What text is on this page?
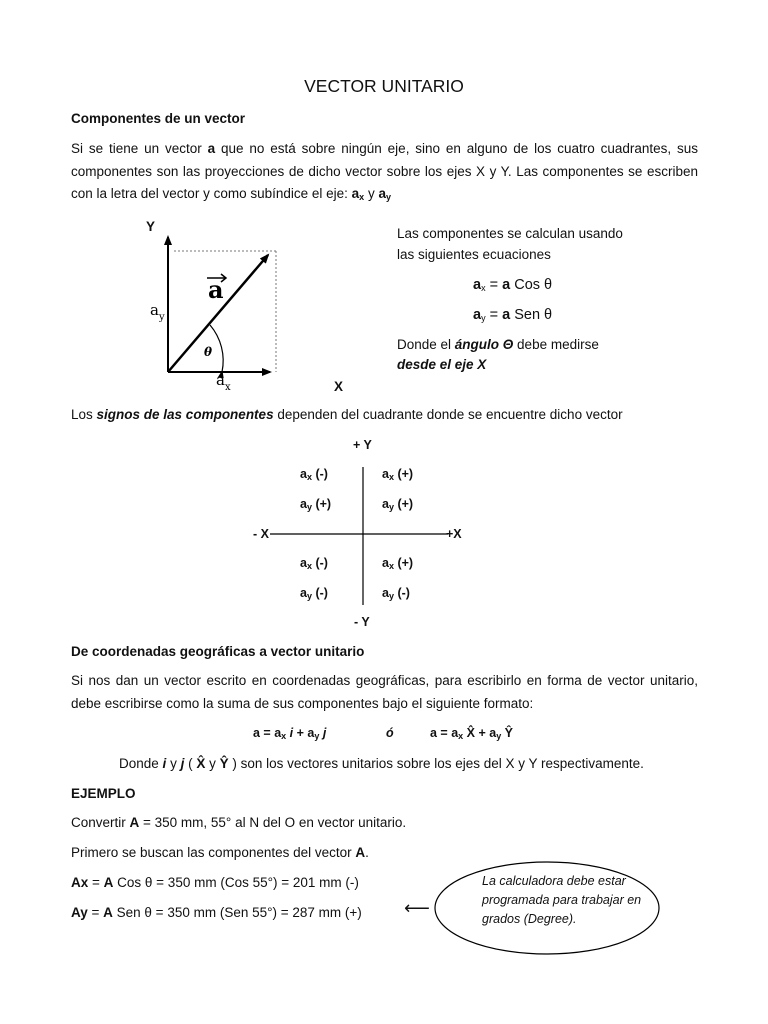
VECTOR UNITARIO
Componentes de un vector
Si se tiene un vector a que no está sobre ningún eje, sino en alguno de los cuatro cuadrantes, sus componentes son las proyecciones de dicho vector sobre los ejes X y Y. Las componentes se escriben con la letra del vector y como subíndice el eje: $a_x$ y $a_y$
θ
a
$a_y$
$a_x$
Y
X
Las componentes se calculan usando
las siguientes ecuaciones
$a_x = a$ Cos θ
$a_y = a$ Sen θ
Donde el ángulo Θ debe medirse
desde el eje X
Los signos de las componentes dependen del cuadrante donde se encuentre dicho vector
+ Y
- Y
- X	+X
$a_x$ (-)
$a_y$ (+)
$a_x$ (+)
$a_y$ (+)
$a_x$ (-)
$a_y$ (-)
$a_x$ (+)
$a_y$ (-)
De coordenadas geográficas a vector unitario
Si nos dan un vector escrito en coordenadas geográficas, para escribirlo en forma de vector unitario, debe escribirse como la suma de sus componentes bajo el siguiente formato:
$a = a_x$ $i + a_y$ j	ó	$a = a_x$ X̂ + $a_y$ Ŷ
Donde i y j ( X̂ y Ŷ ) son los vectores unitarios sobre los ejes del X y Y respectivamente.
EJEMPLO
Convertir A = 350 mm, 55° al N del O en vector unitario.
Primero se buscan las componentes del vector A.
Ax = A Cos θ = 350 mm (Cos 55°) = 201 mm (-)
Ay = A Sen θ = 350 mm (Sen 55°) = 287 mm (+) ⟵
La calculadora debe estar
programada para trabajar en
grados (Degree).
